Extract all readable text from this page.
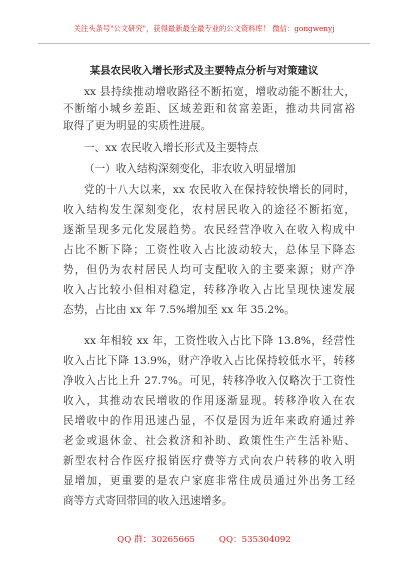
关注头条号"公文研究"，获得最新最全最专业的公文资料库！ 微信：gongwenyj
某县农民收入增长形式及主要特点分析与对策建议
xx 县持续推动增收路径不断拓宽，增收动能不断壮大，
不断缩小城乡差距、区域差距和贫富差距，推动共同富裕
取得了更为明显的实质性进展。
一、xx 农民收入增长形式及主要特点
（一）收入结构深刻变化，非农收入明显增加
党的十八大以来，xx 农民收入在保持较快增长的同时，
收入结构发生深刻变化，农村居民收入的途径不断拓宽，
逐渐呈现多元化发展趋势。农民经营净收入在收入构成中
占比不断下降；工资性收入占比波动较大，总体呈下降态
势，但仍为农村居民人均可支配收入的主要来源；财产净
收入占比较小但相对稳定，转移净收入占比呈现快速发展
态势，占比由 xx 年 7.5%增加至 xx 年 35.2%。
xx 年相较 xx 年，工资性收入占比下降 13.8%，经营性
收入占比下降 13.9%，财产净收入占比保持较低水平，转移
净收入占比上升 27.7%。可见，转移净收入仅略次于工资性
收入，其推动农民增收的作用逐渐显现。转移净收入在农
民增收中的作用迅速凸显，不仅是因为近年来政府通过养
老金或退休金、社会救济和补助、政策性生产生活补贴、
新型农村合作医疗报销医疗费等方式向农户转移的收入明
显增加，更重要的是农户家庭非常住成员通过外出务工经
商等方式寄回带回的收入迅速增多。
QQ 群：30265665	QQ：535304092
